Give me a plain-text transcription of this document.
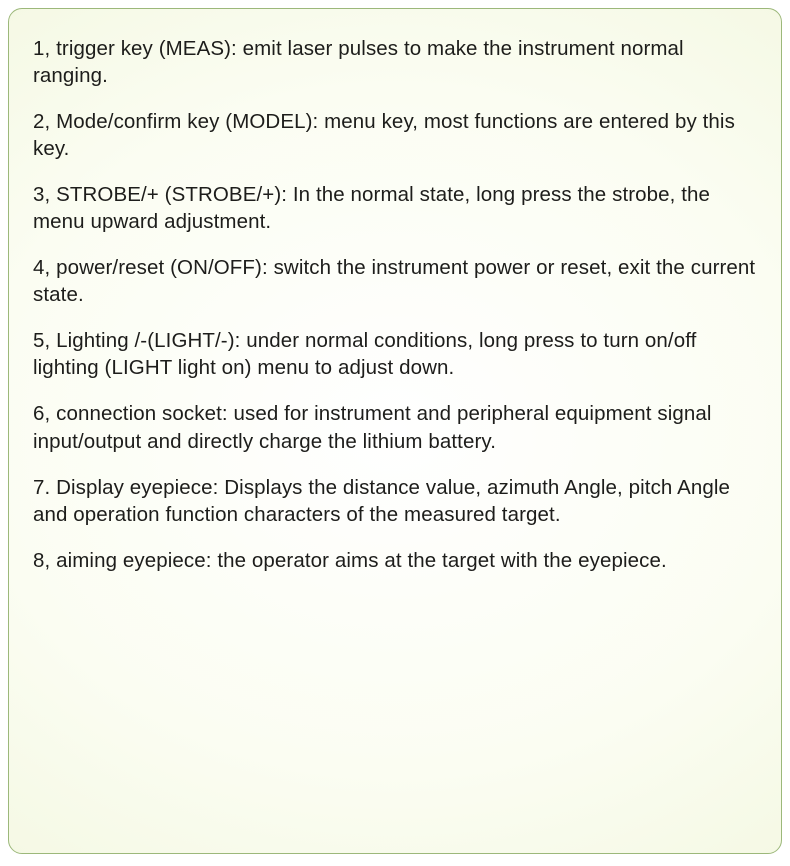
1, trigger key (MEAS): emit laser pulses to make the instrument normal ranging.

2, Mode/confirm key (MODEL): menu key, most functions are entered by this key.

3, STROBE/+ (STROBE/+): In the normal state, long press the strobe, the menu upward adjustment.

4, power/reset (ON/OFF): switch the instrument power or reset, exit the current state.

5, Lighting /-(LIGHT/-): under normal conditions, long press to turn on/off lighting (LIGHT light on) menu to adjust down.

6, connection socket: used for instrument and peripheral equipment signal input/output and directly charge the lithium battery.

7. Display eyepiece: Displays the distance value, azimuth Angle, pitch Angle and operation function characters of the measured target.

8, aiming eyepiece: the operator aims at the target with the eyepiece.
